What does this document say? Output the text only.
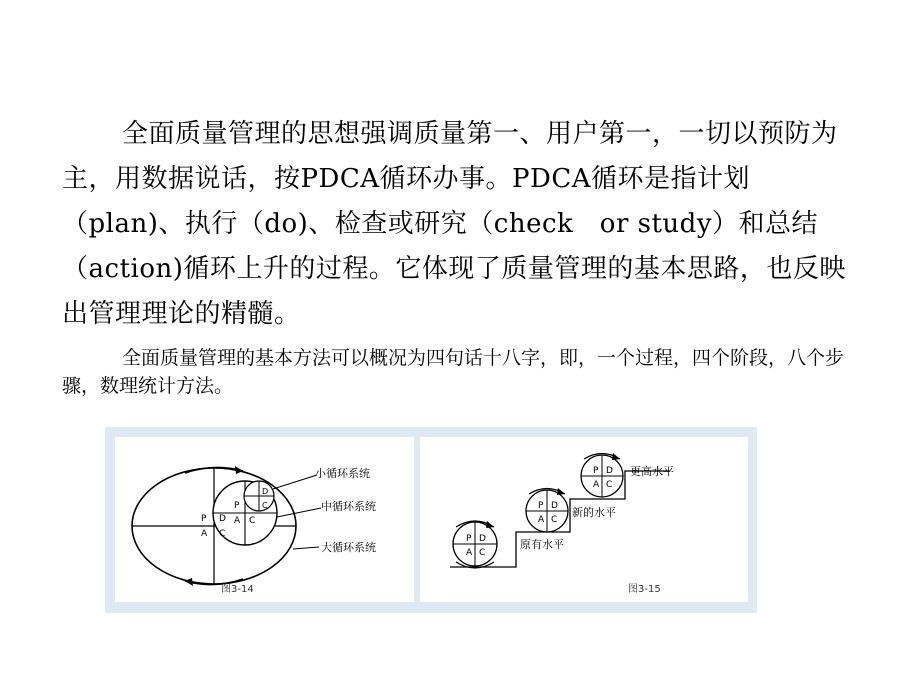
全面质量管理的思想强调质量第一、用户第一，一切以预防为主，用数据说话，按PDCA循环办事。PDCA循环是指计划（plan)、执行（do)、检查或研究（check　or study）和总结（action)循环上升的过程。它体现了质量管理的基本思路，也反映出管理理论的精髓。

全面质量管理的基本方法可以概况为四句话十八字，即，一个过程，四个阶段，八个步骤，数理统计方法。

P D
A C
P
A C
D
C
小循环系统
中循环系统
大循环系统
图3-14
P D
A C
原有水平
P D
A C
新的水平
P D
A C
更高水平
图3-15
